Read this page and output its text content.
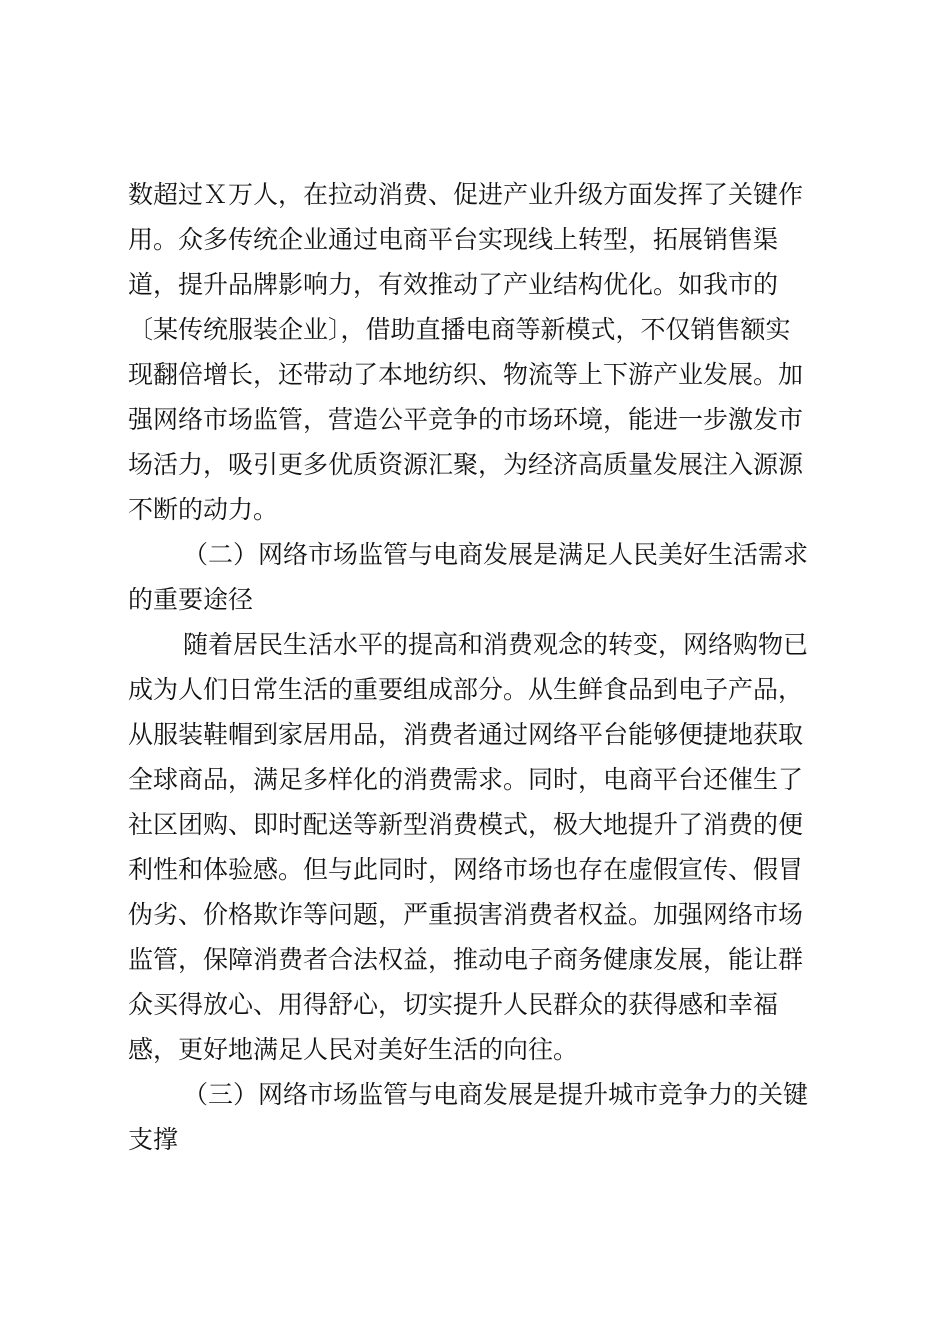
数超过Ｘ万人，在拉动消费、促进产业升级方面发挥了关键作
用。众多传统企业通过电商平台实现线上转型，拓展销售渠
道，提升品牌影响力，有效推动了产业结构优化。如我市的
〔某传统服装企业〕，借助直播电商等新模式，不仅销售额实
现翻倍增长，还带动了本地纺织、物流等上下游产业发展。加
强网络市场监管，营造公平竞争的市场环境，能进一步激发市
场活力，吸引更多优质资源汇聚，为经济高质量发展注入源源
不断的动力。
（二）网络市场监管与电商发展是满足人民美好生活需求
的重要途径
随着居民生活水平的提高和消费观念的转变，网络购物已
成为人们日常生活的重要组成部分。从生鲜食品到电子产品，
从服装鞋帽到家居用品，消费者通过网络平台能够便捷地获取
全球商品，满足多样化的消费需求。同时，电商平台还催生了
社区团购、即时配送等新型消费模式，极大地提升了消费的便
利性和体验感。但与此同时，网络市场也存在虚假宣传、假冒
伪劣、价格欺诈等问题，严重损害消费者权益。加强网络市场
监管，保障消费者合法权益，推动电子商务健康发展，能让群
众买得放心、用得舒心，切实提升人民群众的获得感和幸福
感，更好地满足人民对美好生活的向往。
（三）网络市场监管与电商发展是提升城市竞争力的关键
支撑
